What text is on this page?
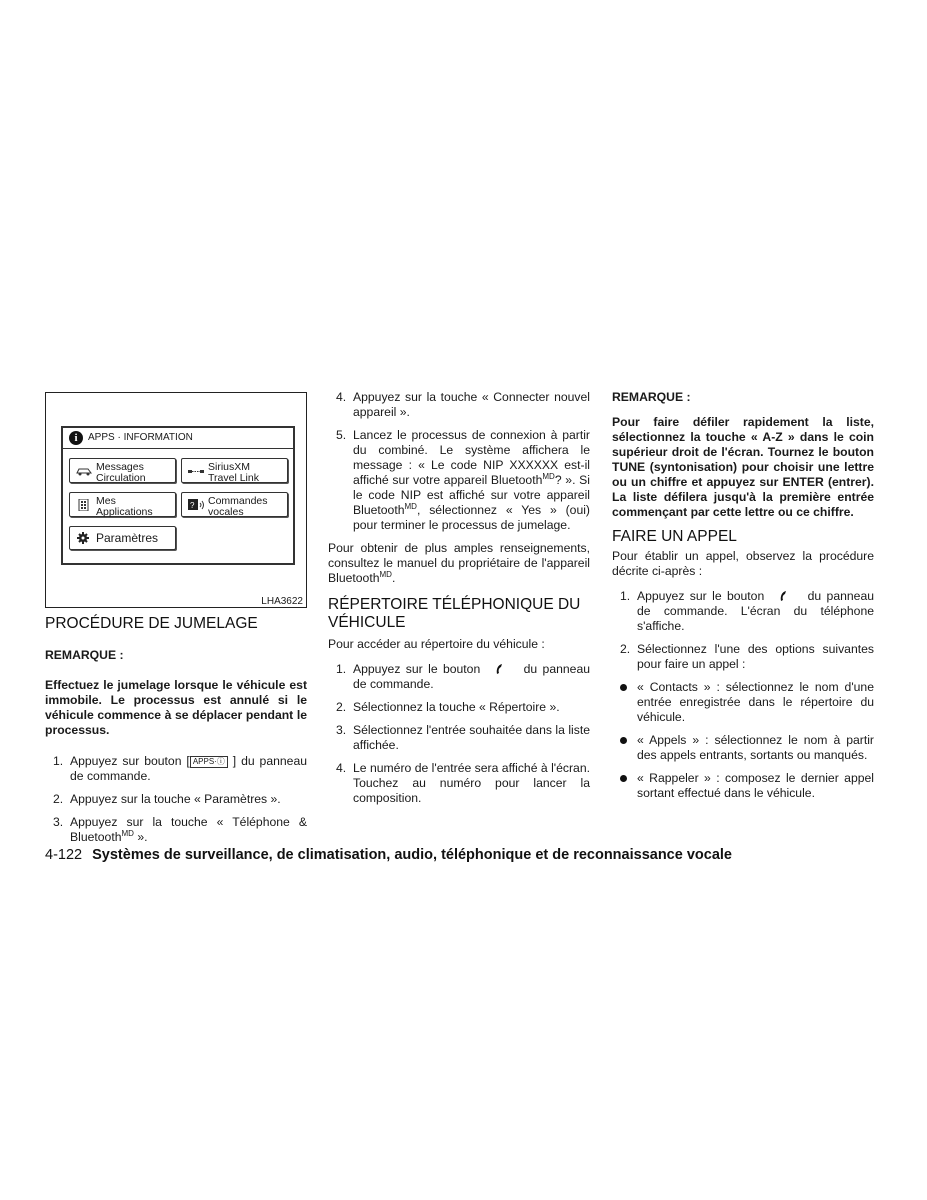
i	APPS · INFORMATION
Messages
Circulation
SiriusXM
Travel Link
Mes
Applications
? Commandes
vocales
Paramètres
LHA3622
PROCÉDURE DE JUMELAGE

REMARQUE :

Effectuez le jumelage lorsque le véhicule est immobile. Le processus est annulé si le véhicule commence à se déplacer pendant le processus.

1. Appuyez sur bouton [ APPS·ⓘ ] du panneau de commande.
2. Appuyez sur la touche « Paramètres ».
3. Appuyez sur la touche « Téléphone & Bluetooth$^{MD}$ ».
4. Appuyez sur la touche « Connecter nouvel appareil ».
5. Lancez le processus de connexion à partir du combiné. Le système affichera le message : « Le code NIP XXXXXX est-il affiché sur votre appareil Bluetooth$^{MD}$? ». Si le code NIP est affiché sur votre appareil Bluetooth$^{MD}$, sélectionnez « Yes » (oui) pour terminer le processus de jumelage.

Pour obtenir de plus amples renseignements, consultez le manuel du propriétaire de l'appareil Bluetooth$^{MD}$.

RÉPERTOIRE TÉLÉPHONIQUE DU VÉHICULE

Pour accéder au répertoire du véhicule :

1. Appuyez sur le bouton	du panneau de commande.
2. Sélectionnez la touche « Répertoire ».
3. Sélectionnez l'entrée souhaitée dans la liste affichée.
4. Le numéro de l'entrée sera affiché à l'écran. Touchez au numéro pour lancer la composition.

REMARQUE :

Pour faire défiler rapidement la liste, sélectionnez la touche « A-Z » dans le coin supérieur droit de l'écran. Tournez le bouton TUNE (syntonisation) pour choisir une lettre ou un chiffre et appuyez sur ENTER (entrer). La liste défilera jusqu'à la première entrée commençant par cette lettre ou ce chiffre.

FAIRE UN APPEL

Pour établir un appel, observez la procédure décrite ci-après :

1. Appuyez sur le bouton	du panneau de commande. L'écran du téléphone s'affiche.
2. Sélectionnez l'une des options suivantes pour faire un appel :
« Contacts » : sélectionnez le nom d'une entrée enregistrée dans le répertoire du véhicule.
« Appels » : sélectionnez le nom à partir des appels entrants, sortants ou manqués.
« Rappeler » : composez le dernier appel sortant effectué dans le véhicule.
4-122 Systèmes de surveillance, de climatisation, audio, téléphonique et de reconnaissance vocale
